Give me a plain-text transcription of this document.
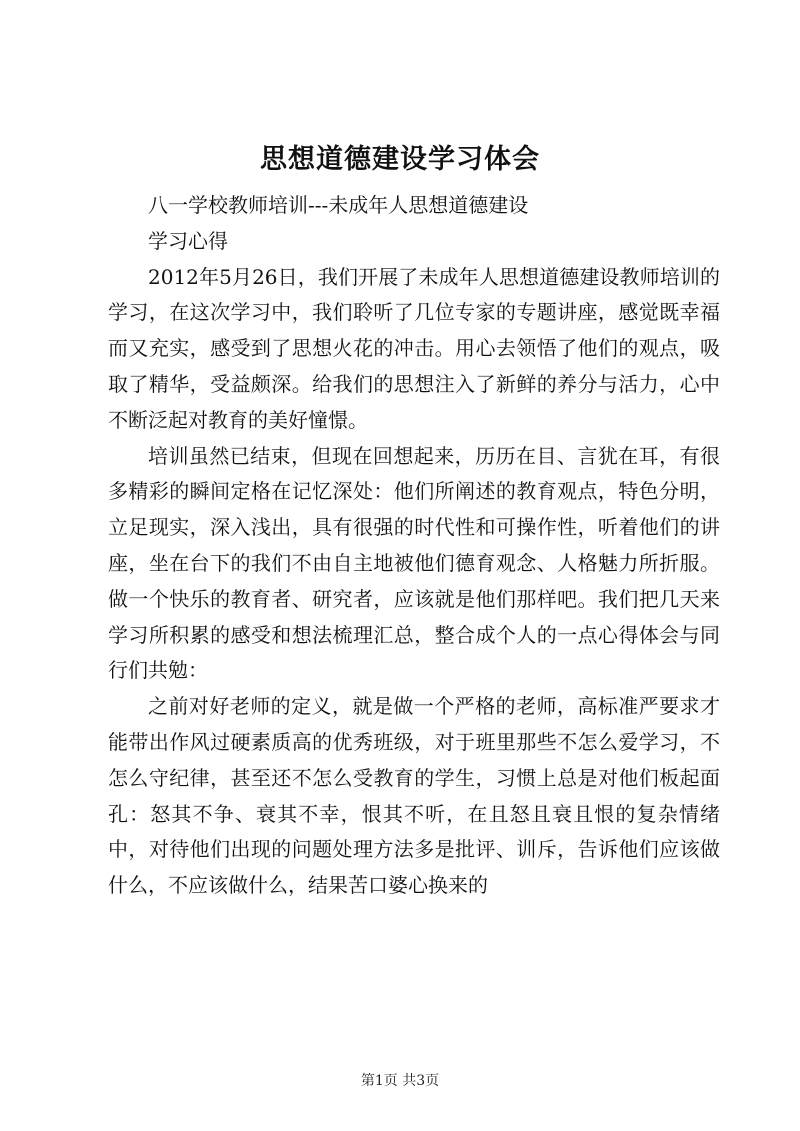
思想道德建设学习体会

八一学校教师培训---未成年人思想道德建设

学习心得

2012年5月26日，我们开展了未成年人思想道德建设教师培训的学习，在这次学习中，我们聆听了几位专家的专题讲座，感觉既幸福而又充实，感受到了思想火花的冲击。用心去领悟了他们的观点，吸取了精华，受益颇深。给我们的思想注入了新鲜的养分与活力，心中不断泛起对教育的美好憧憬。

培训虽然已结束，但现在回想起来，历历在目、言犹在耳，有很多精彩的瞬间定格在记忆深处：他们所阐述的教育观点，特色分明，立足现实，深入浅出，具有很强的时代性和可操作性，听着他们的讲座，坐在台下的我们不由自主地被他们德育观念、人格魅力所折服。做一个快乐的教育者、研究者，应该就是他们那样吧。我们把几天来学习所积累的感受和想法梳理汇总，整合成个人的一点心得体会与同行们共勉：

之前对好老师的定义，就是做一个严格的老师，高标准严要求才能带出作风过硬素质高的优秀班级，对于班里那些不怎么爱学习，不怎么守纪律，甚至还不怎么受教育的学生，习惯上总是对他们板起面孔：怒其不争、衰其不幸，恨其不听，在且怒且衰且恨的复杂情绪中，对待他们出现的问题处理方法多是批评、训斥，告诉他们应该做什么，不应该做什么，结果苦口婆心换来的

第1页 共3页
